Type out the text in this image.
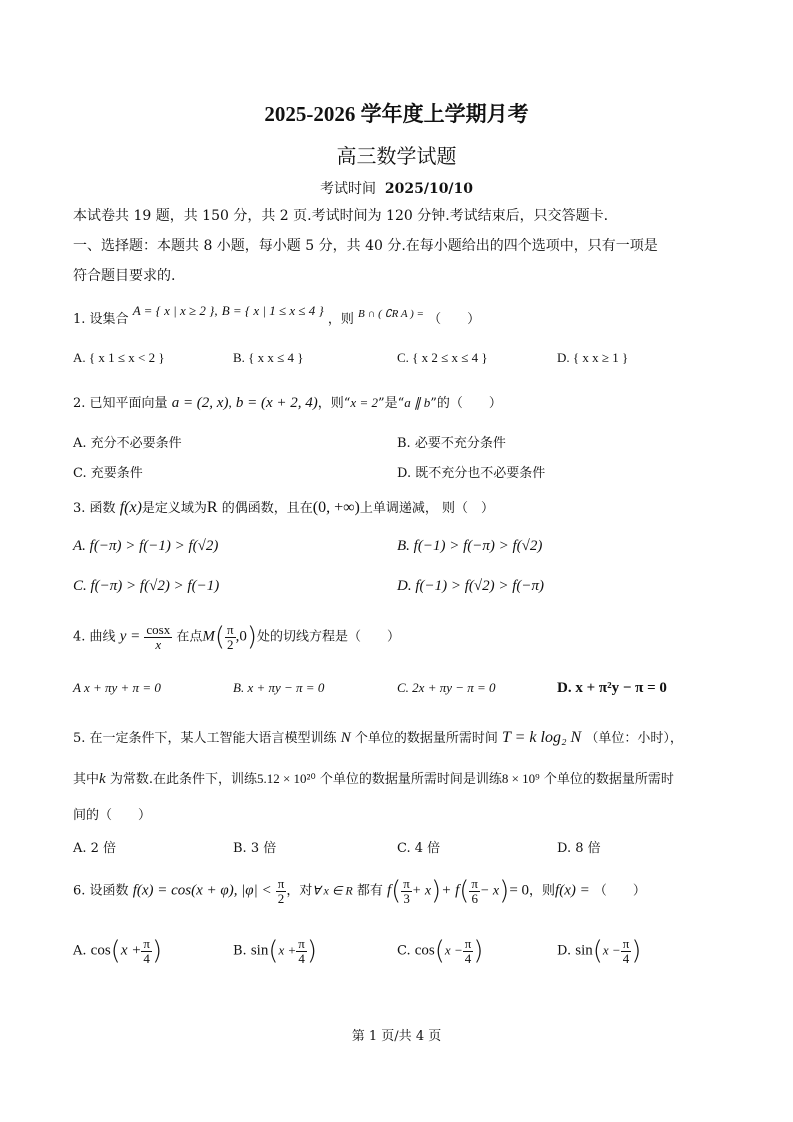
2025-2026 学年度上学期月考
高三数学试题
考试时间 2025/10/10
本试卷共 19 题，共 150 分，共 2 页.考试时间为 120 分钟.考试结束后，只交答题卡.
一、选择题：本题共 8 小题，每小题 5 分，共 40 分.在每小题给出的四个选项中，只有一项是
符合题目要求的.
1. 设集合 A = { x | x ≥ 2 }, B = { x | 1 ≤ x ≤ 4 } ，则 $^{B \cap ( ∁R A ) =}$ （　　）
A. { x 1 ≤ x < 2 }	B. { x x ≤ 4 }	C. { x 2 ≤ x ≤ 4 }	D. { x x ≥ 1 }
2. 已知平面向量 a = (2, x), b = (x + 2, 4)，则“x = 2”是“a ∥ b”的（　　）
A. 充分不必要条件	B. 必要不充分条件
C. 充要条件	D. 既不充分也不必要条件
3. 函数 f(x)是定义域为R 的偶函数，且在(0, +∞)上单调递减， 则（　）
A. f(−π) > f(−1) > f(√2)	B. f(−1) > f(−π) > f(√2)
C. f(−π) > f(√2) > f(−1)	D. f(−1) > f(√2) > f(−π)
4. 曲线 $y = \frac{\cos x}{x}$ 在点$M( \frac{\pi}{2} ,0)$处的切线方程是（　　）
A x + πy + π = 0	B. x + πy − π = 0	C. 2x + πy − π = 0	D. x + π²y − π = 0
5. 在一定条件下，某人工智能大语言模型训练 N 个单位的数据量所需时间 T = k log₂ N （单位：小时），
其中k 为常数.在此条件下，训练5.12 × 10²⁰ 个单位的数据量所需时间是训练8 × 10⁹ 个单位的数据量所需时
间的（　　）
A. 2 倍	B. 3 倍	C. 4 倍	D. 8 倍
6. 设函数 f(x) = cos(x + φ), $|\varphi| < \frac{\pi}{2}$ ，对∀ x ∈ R 都有 $f( \frac{\pi}{3} + x)+ f( \frac{\pi}{6} - x)= 0$，则f(x) = （　　）
A. $\cos(x + \frac{\pi}{4}$ )	B. $\sin(x + \frac{\pi}{4}$ )	C. $\cos(x - \frac{\pi}{4}$ )	D. $\sin(x - \frac{\pi}{4}$ )
第 1 页/共 4 页
